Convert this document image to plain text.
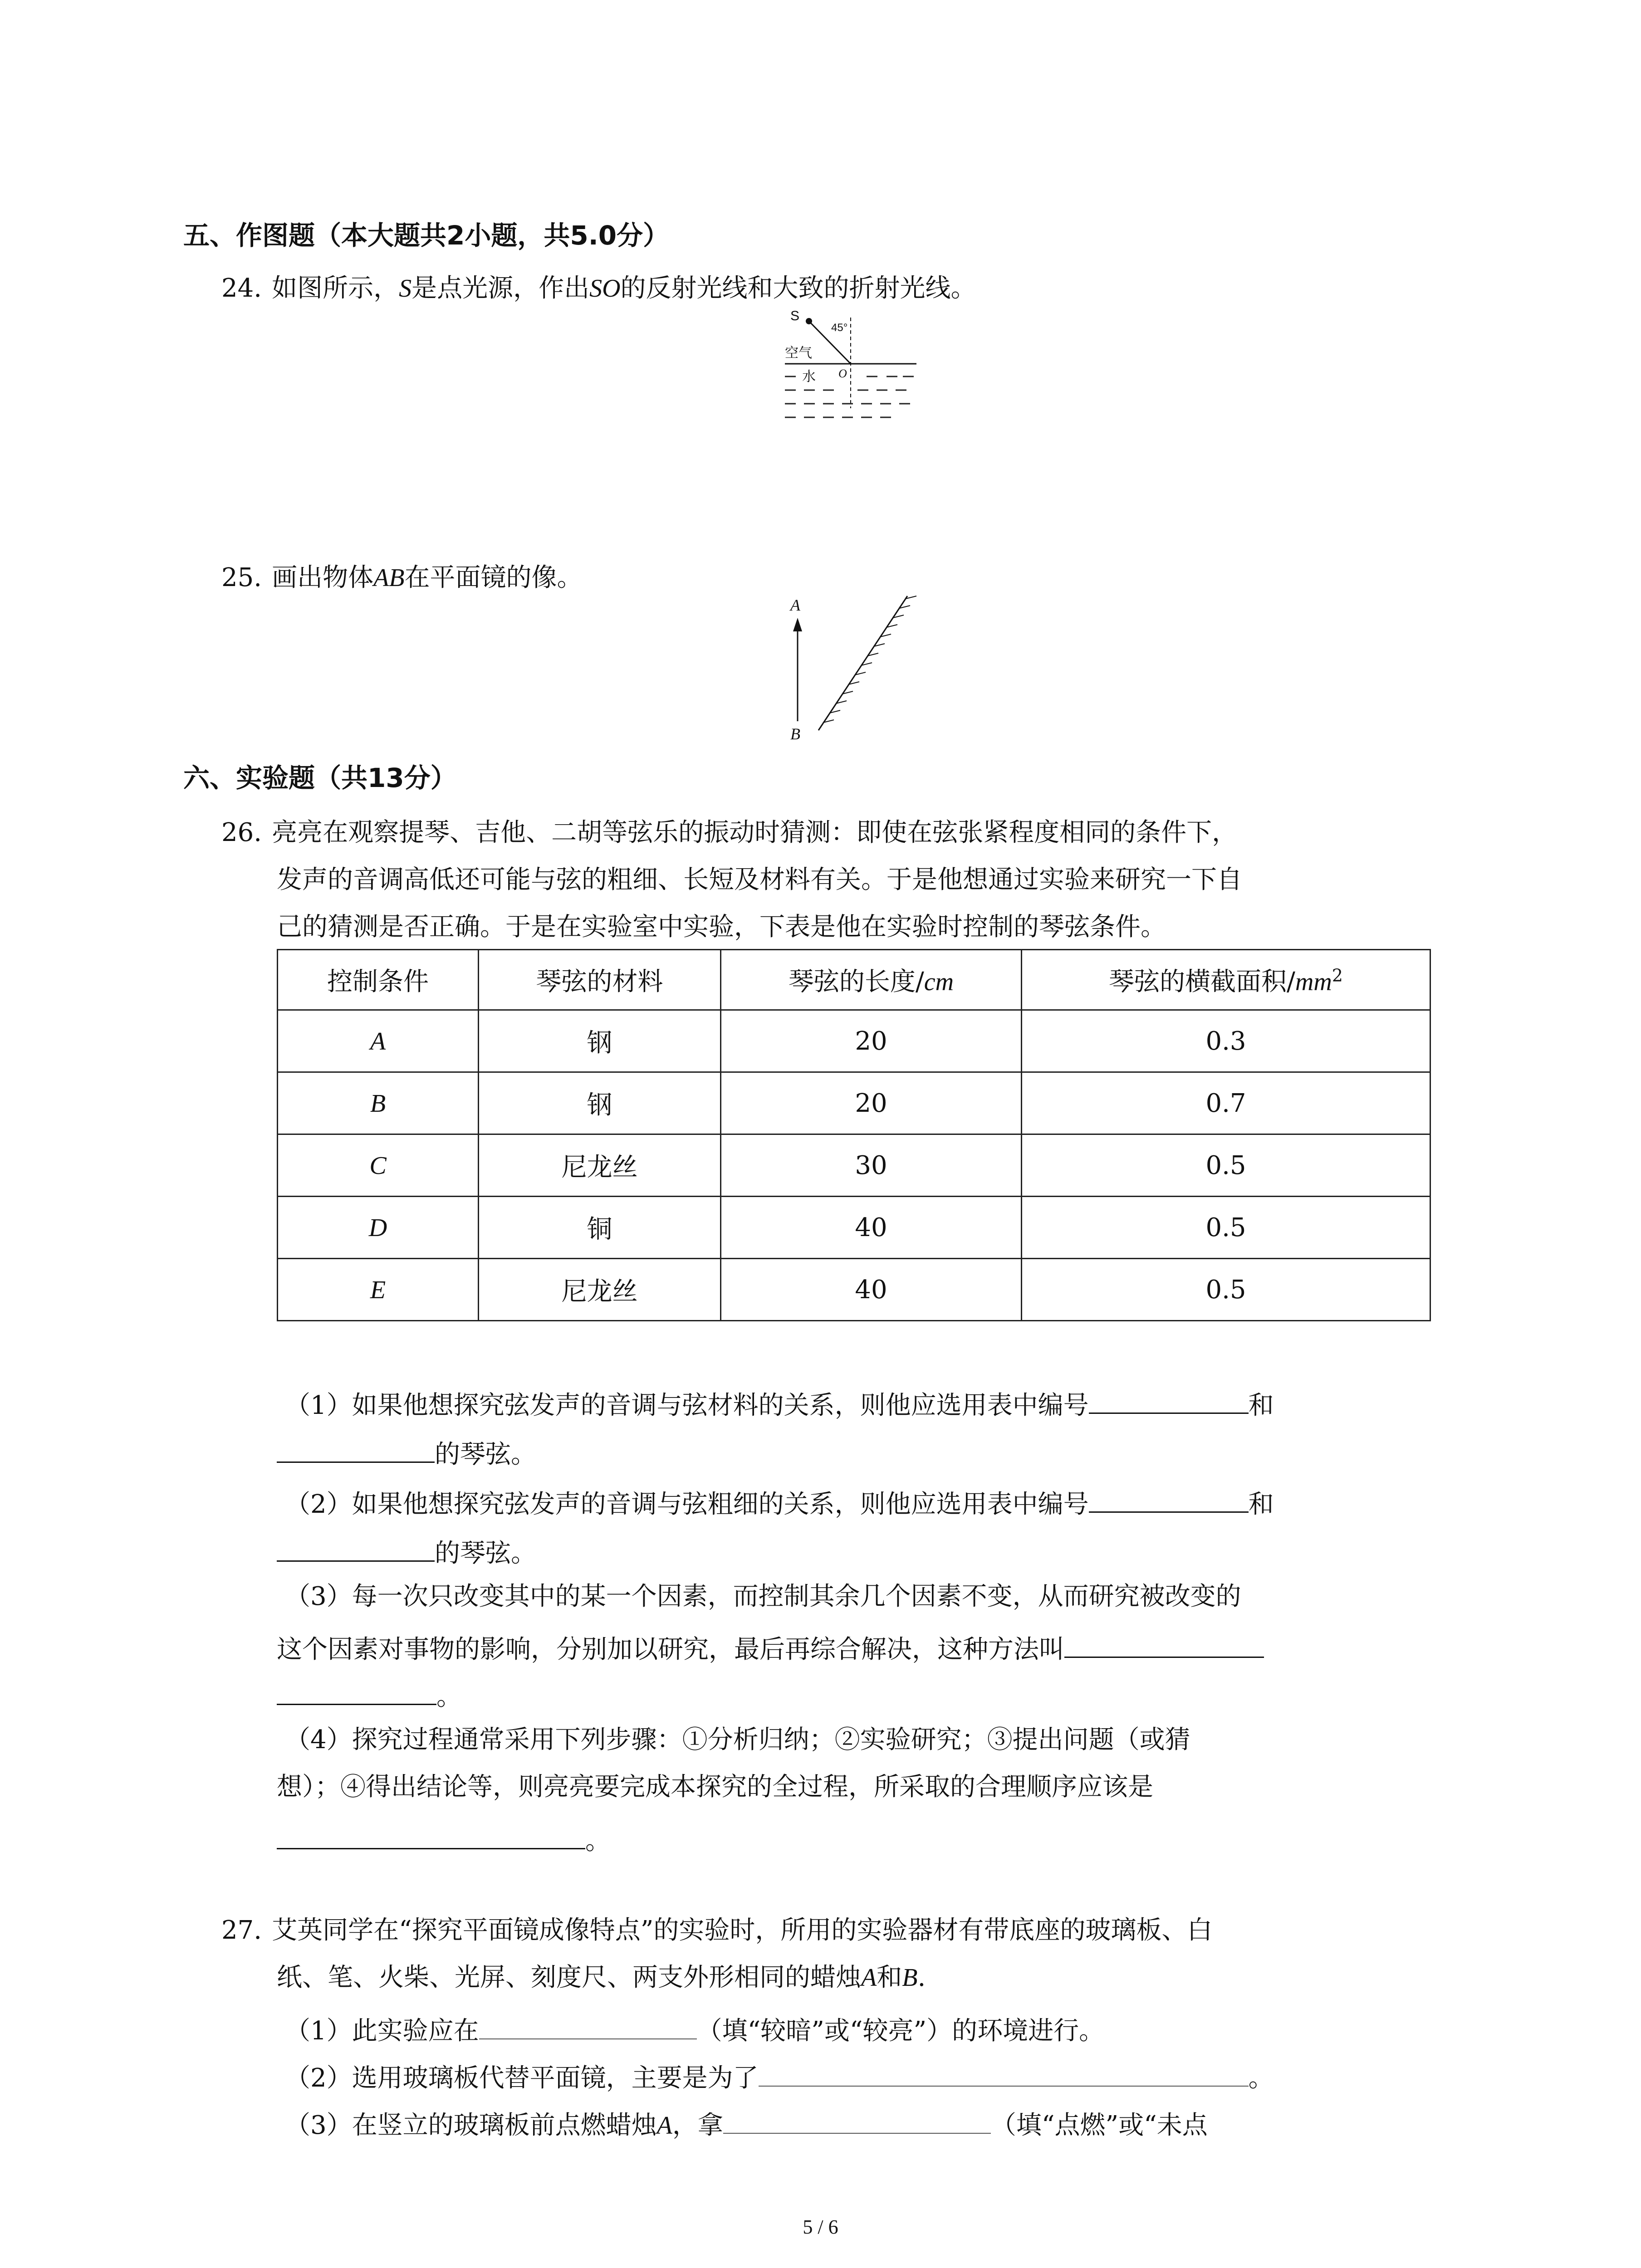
五、作图题（本大题共2小题，共5.0分）
24. 如图所示，S是点光源，作出SO的反射光线和大致的折射光线。
S
45°
空气
水 O
25. 画出物体AB在平面镜的像。
A
B
六、实验题（共13分）
26. 亮亮在观察提琴、吉他、二胡等弦乐的振动时猜测：即使在弦张紧程度相同的条件下，
发声的音调高低还可能与弦的粗细、长短及材料有关。于是他想通过实验来研究一下自
己的猜测是否正确。于是在实验室中实验，下表是他在实验时控制的琴弦条件。
控制条件	琴弦的材料	琴弦的长度/cm	琴弦的横截面积$/mm^2$
A	钢	20	0.3
B	钢	20	0.7
C	尼龙丝	30	0.5
D	铜	40	0.5
E	尼龙丝	40	0.5
（1）如果他想探究弦发声的音调与弦材料的关系，则他应选用表中编号	和
的琴弦。
（2）如果他想探究弦发声的音调与弦粗细的关系，则他应选用表中编号	和
的琴弦。
（3）每一次只改变其中的某一个因素，而控制其余几个因素不变，从而研究被改变的
这个因素对事物的影响，分别加以研究，最后再综合解决，这种方法叫
。
（4）探究过程通常采用下列步骤：①分析归纳；②实验研究；③提出问题（或猜
想）；④得出结论等，则亮亮要完成本探究的全过程，所采取的合理顺序应该是
。
27. 艾英同学在“探究平面镜成像特点”的实验时，所用的实验器材有带底座的玻璃板、白
纸、笔、火柴、光屏、刻度尺、两支外形相同的蜡烛A和B.
（1）此实验应在	（填“较暗”或“较亮”）的环境进行。
（2）选用玻璃板代替平面镜，主要是为了	。
（3）在竖立的玻璃板前点燃蜡烛A，拿	（填“点燃”或“未点
5 / 6
